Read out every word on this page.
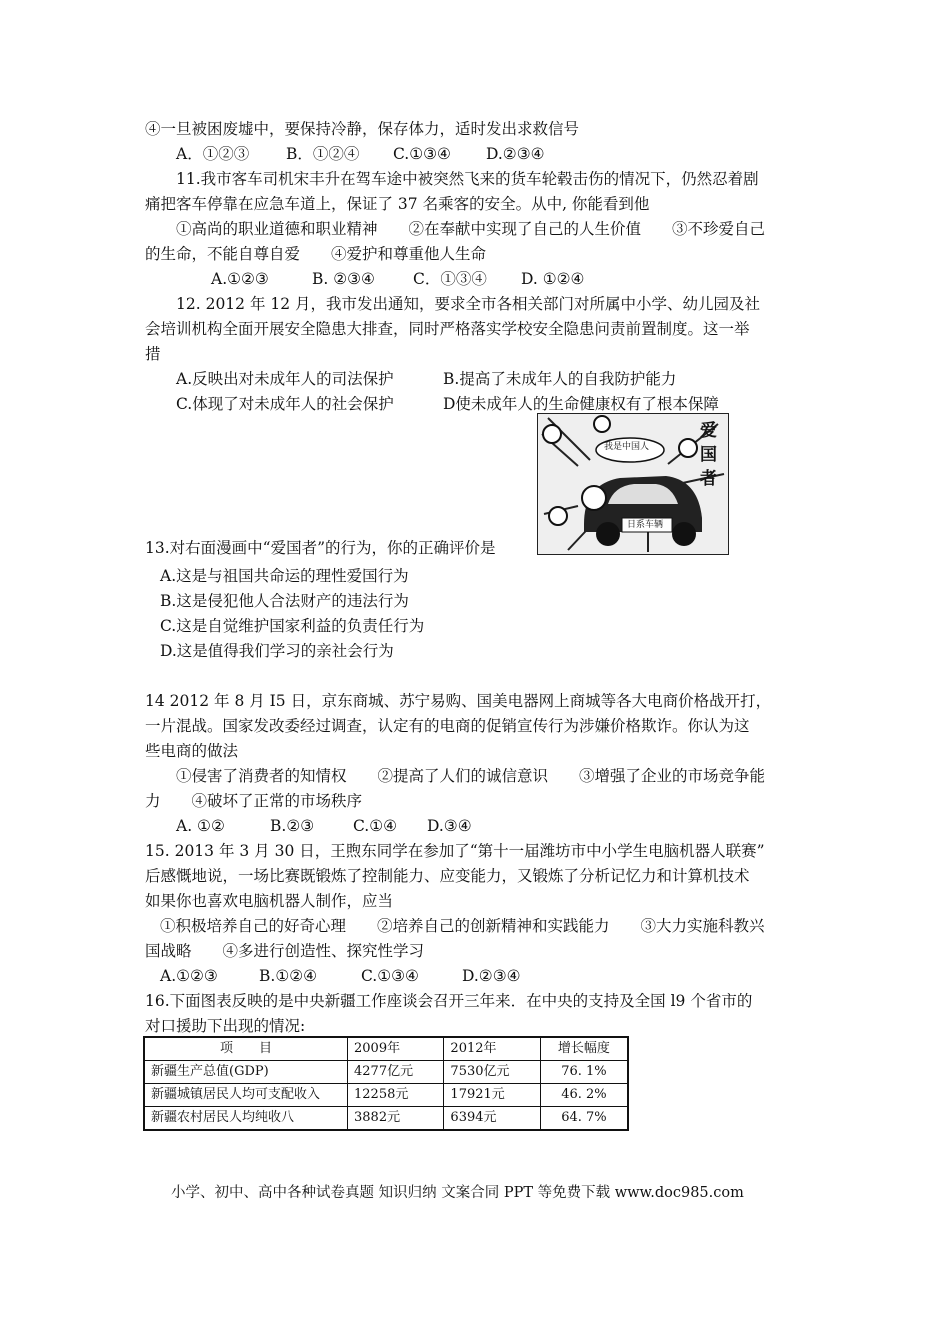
④一旦被困废墟中，要保持冷静，保存体力，适时发出求救信号
A．①②③ B．①②④ C.①③④ D.②③④
11.我市客车司机宋丰升在驾车途中被突然飞来的货车轮毂击伤的情况下，仍然忍着剧
痛把客车停靠在应急车道上，保证了 37 名乘客的安全。从中, 你能看到他
①高尚的职业道德和职业精神　　②在奉献中实现了自己的人生价值　　③不珍爱自己
的生命，不能自尊自爱　　④爱护和尊重他人生命
A.①②③	B. ②③④ C．①③④ D. ①②④
12. 2012 年 12 月，我市发出通知，要求全市各相关部门对所属中小学、幼儿园及社
会培训机构全面开展安全隐患大排查，同时严格落实学校安全隐患问责前置制度。这一举
措
A.反映出对未成年人的司法保护	B.提高了未成年人的自我防护能力
C.体现了对未成年人的社会保护	D使未成年人的生命健康权有了根本保障
我是中国人
日系车辆
爱
国
者
13.对右面漫画中“爱国者”的行为，你的正确评价是
A.这是与祖国共命运的理性爱国行为
B.这是侵犯他人合法财产的违法行为
C.这是自觉维护国家利益的负责任行为
D.这是值得我们学习的亲社会行为
14 2012 年 8 月 I5 日，京东商城、苏宁易购、国美电器网上商城等各大电商价格战开打，
一片混战。国家发改委经过调查，认定有的电商的促销宣传行为涉嫌价格欺诈。你认为这
些电商的做法
①侵害了消费者的知情权　　②提高了人们的诚信意识　　③增强了企业的市场竞争能
力　　④破坏了正常的市场秩序
A. ①②	B.②③	C.①④ D.③④
15. 2013 年 3 月 30 日，王煦东同学在参加了“第十一届潍坊市中小学生电脑机器人联赛”
后感慨地说，一场比赛既锻炼了控制能力、应变能力，又锻炼了分析记忆力和计算机技术
如果你也喜欢电脑机器人制作，应当
①积极培养自己的好奇心理　　②培养自己的创新精神和实践能力　　③大力实施科教兴
国战略　　④多进行创造性、探究性学习
A.①②③	B.①②④	C.①③④	D.②③④
16.下面图表反映的是中央新疆工作座谈会召开三年来．在中央的支持及全国 l9 个省市的
对口援助下出现的情况:
项　　目	2009年	2012年	增长幅度
新疆生产总值(GDP)	4277亿元	7530亿元	76. 1%
新疆城镇居民人均可支配收入	12258元	17921元	46. 2%
新疆农村居民人均纯收八	3882元	6394元	64. 7%
小学、初中、高中各种试卷真题 知识归纳 文案合同 PPT 等免费下载 www.doc985.com
